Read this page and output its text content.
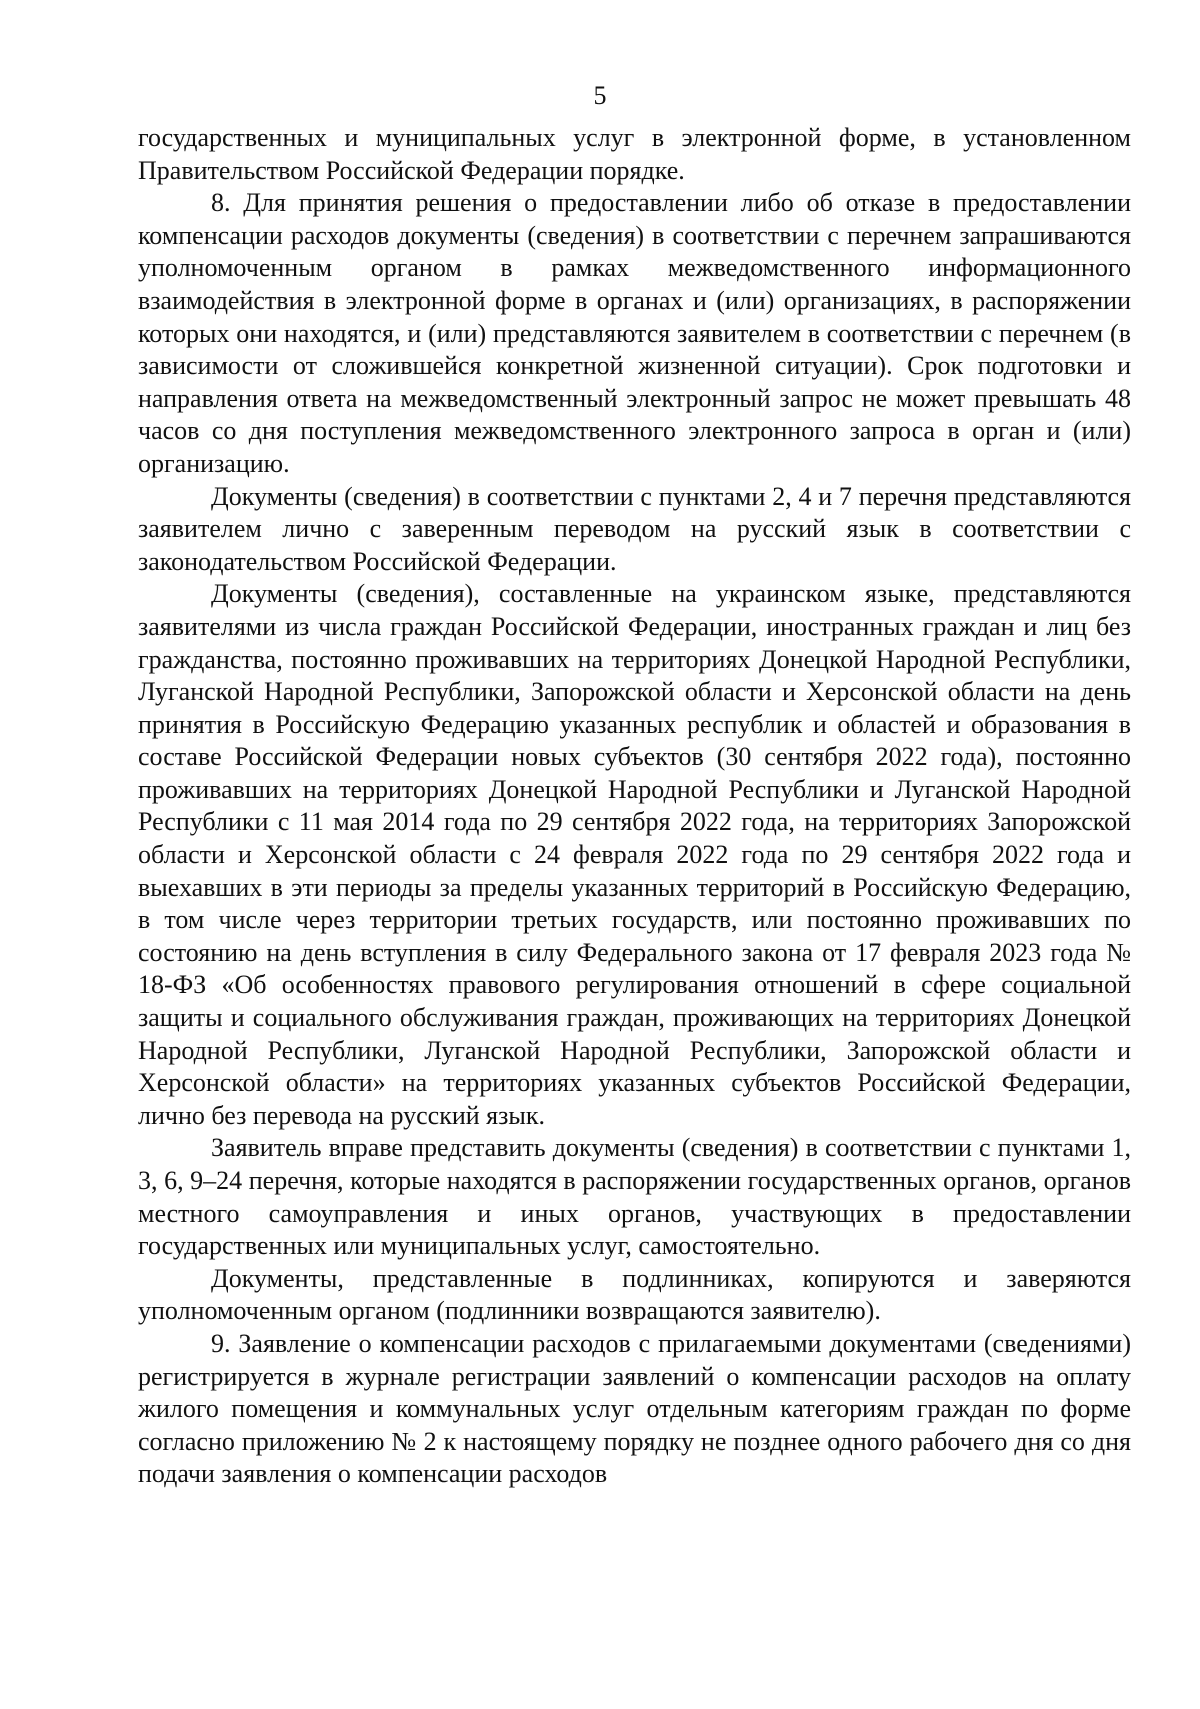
5

государственных и муниципальных услуг в электронной форме, в установленном Правительством Российской Федерации порядке.

8. Для принятия решения о предоставлении либо об отказе в предоставлении компенсации расходов документы (сведения) в соответствии с перечнем запрашиваются уполномоченным органом в рамках межведомственного информационного взаимодействия в электронной форме в органах и (или) организациях, в распоряжении которых они находятся, и (или) представляются заявителем в соответствии с перечнем (в зависимости от сложившейся конкретной жизненной ситуации). Срок подготовки и направления ответа на межведомственный электронный запрос не может превышать 48 часов со дня поступления межведомственного электронного запроса в орган и (или) организацию.

Документы (сведения) в соответствии с пунктами 2, 4 и 7 перечня представляются заявителем лично с заверенным переводом на русский язык в соответствии с законодательством Российской Федерации.

Документы (сведения), составленные на украинском языке, представляются заявителями из числа граждан Российской Федерации, иностранных граждан и лиц без гражданства, постоянно проживавших на территориях Донецкой Народной Республики, Луганской Народной Республики, Запорожской области и Херсонской области на день принятия в Российскую Федерацию указанных республик и областей и образования в составе Российской Федерации новых субъектов (30 сентября 2022 года), постоянно проживавших на территориях Донецкой Народной Республики и Луганской Народной Республики с 11 мая 2014 года по 29 сентября 2022 года, на территориях Запорожской области и Херсонской области с 24 февраля 2022 года по 29 сентября 2022 года и выехавших в эти периоды за пределы указанных территорий в Российскую Федерацию, в том числе через территории третьих государств, или постоянно проживавших по состоянию на день вступления в силу Федерального закона от 17 февраля 2023 года № 18-ФЗ «Об особенностях правового регулирования отношений в сфере социальной защиты и социального обслуживания граждан, проживающих на территориях Донецкой Народной Республики, Луганской Народной Республики, Запорожской области и Херсонской области» на территориях указанных субъектов Российской Федерации, лично без перевода на русский язык.

Заявитель вправе представить документы (сведения) в соответствии с пунктами 1, 3, 6, 9–24 перечня, которые находятся в распоряжении государственных органов, органов местного самоуправления и иных органов, участвующих в предоставлении государственных или муниципальных услуг, самостоятельно.

Документы, представленные в подлинниках, копируются и заверяются уполномоченным органом (подлинники возвращаются заявителю).

9. Заявление о компенсации расходов с прилагаемыми документами (сведениями) регистрируется в журнале регистрации заявлений о компенсации расходов на оплату жилого помещения и коммунальных услуг отдельным категориям граждан по форме согласно приложению № 2 к настоящему порядку не позднее одного рабочего дня со дня подачи заявления о компенсации расходов
